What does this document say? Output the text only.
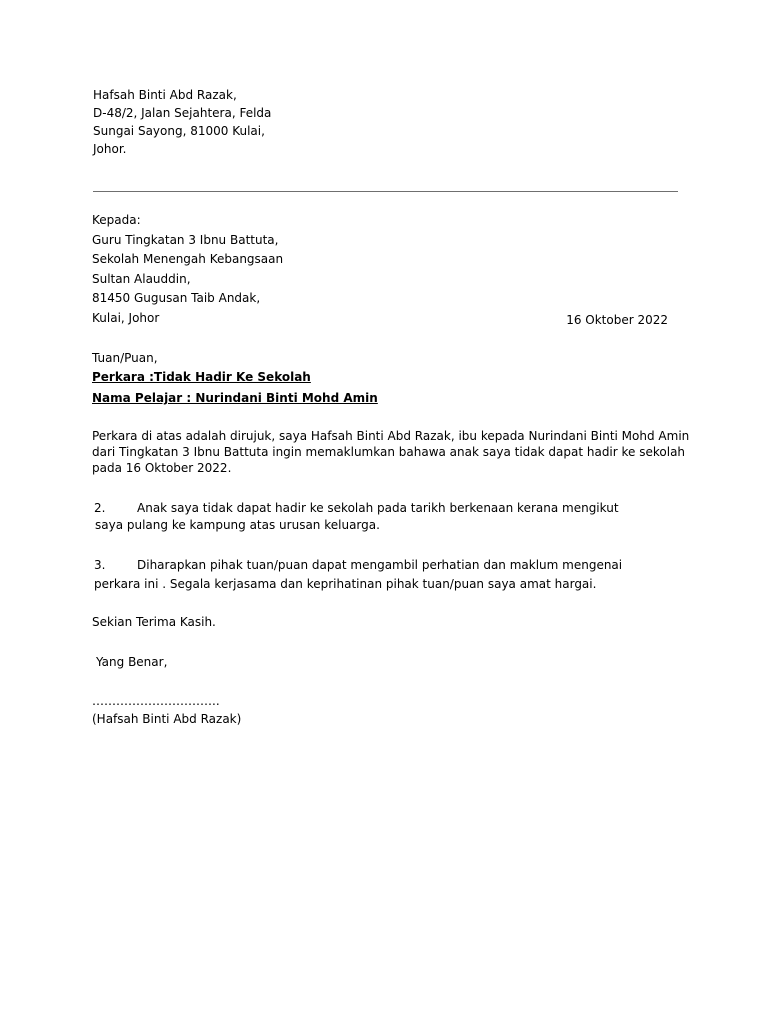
Hafsah Binti Abd Razak,
D-48/2, Jalan Sejahtera, Felda
Sungai Sayong, 81000 Kulai,
Johor.
Kepada:
Guru Tingkatan 3 Ibnu Battuta,
Sekolah Menengah Kebangsaan
Sultan Alauddin,
81450 Gugusan Taib Andak,
Kulai, Johor	16 Oktober 2022
Tuan/Puan,
Perkara :Tidak Hadir Ke Sekolah
Nama Pelajar : Nurindani Binti Mohd Amin
Perkara di atas adalah dirujuk, saya Hafsah Binti Abd Razak, ibu kepada Nurindani Binti Mohd Amin
dari Tingkatan 3 Ibnu Battuta ingin memaklumkan bahawa anak saya tidak dapat hadir ke sekolah
pada 16 Oktober 2022.
2.	Anak saya tidak dapat hadir ke sekolah pada tarikh berkenaan kerana mengikut
saya pulang ke kampung atas urusan keluarga.
3.	Diharapkan pihak tuan/puan dapat mengambil perhatian dan maklum mengenai
perkara ini . Segala kerjasama dan keprihatinan pihak tuan/puan saya amat hargai.
Sekian Terima Kasih.
Yang Benar,
…………………………..
(Hafsah Binti Abd Razak)
